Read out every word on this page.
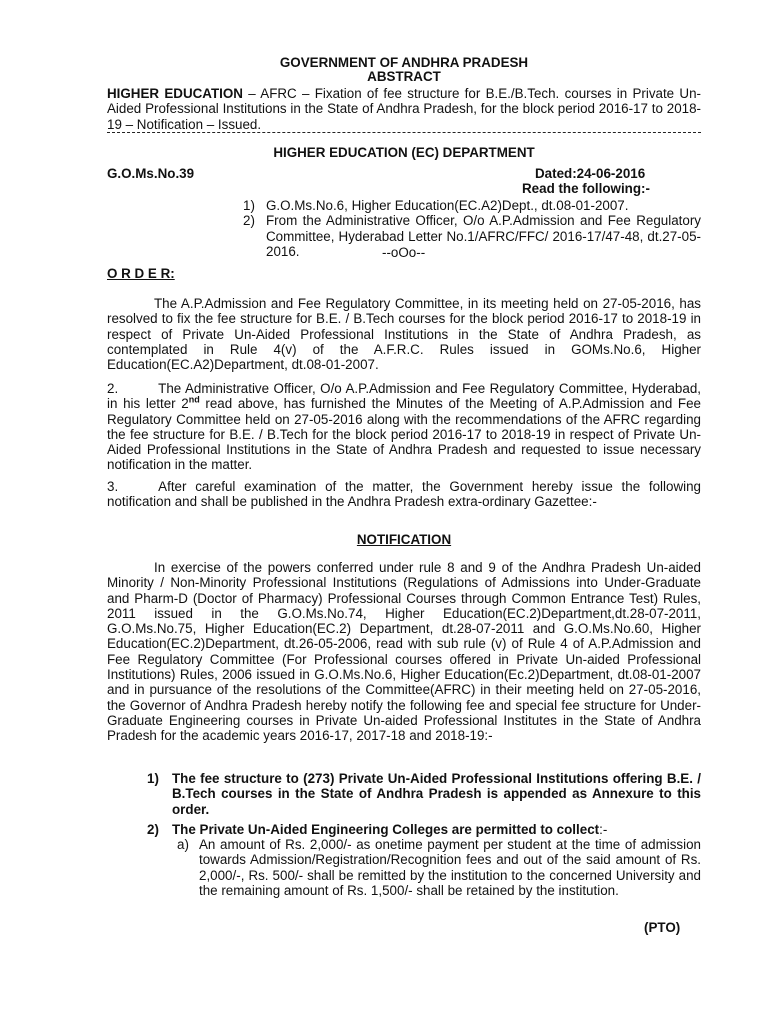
GOVERNMENT OF ANDHRA PRADESH
ABSTRACT
HIGHER EDUCATION – AFRC – Fixation of fee structure for B.E./B.Tech. courses in Private Un-Aided Professional Institutions in the State of Andhra Pradesh, for the block period 2016-17 to 2018-19 – Notification – Issued.
HIGHER EDUCATION (EC) DEPARTMENT
G.O.Ms.No.39	Dated:24-06-2016
Read the following:-
1) G.O.Ms.No.6, Higher Education(EC.A2)Dept., dt.08-01-2007.
2) From the Administrative Officer, O/o A.P.Admission and Fee Regulatory Committee, Hyderabad Letter No.1/AFRC/FFC/ 2016-17/47-48, dt.27-05-2016.	--oOo--
O R D E R:

The A.P.Admission and Fee Regulatory Committee, in its meeting held on 27-05-2016, has resolved to fix the fee structure for B.E. / B.Tech courses for the block period 2016-17 to 2018-19 in respect of Private Un-Aided Professional Institutions in the State of Andhra Pradesh, as contemplated in Rule 4(v) of the A.F.R.C. Rules issued in GOMs.No.6, Higher Education(EC.A2)Department, dt.08-01-2007.

2.	The Administrative Officer, O/o A.P.Admission and Fee Regulatory Committee, Hyderabad, in his letter 2nd read above, has furnished the Minutes of the Meeting of A.P.Admission and Fee Regulatory Committee held on 27-05-2016 along with the recommendations of the AFRC regarding the fee structure for B.E. / B.Tech for the block period 2016-17 to 2018-19 in respect of Private Un-Aided Professional Institutions in the State of Andhra Pradesh and requested to issue necessary notification in the matter.

3.	After careful examination of the matter, the Government hereby issue the following notification and shall be published in the Andhra Pradesh extra-ordinary Gazettee:-

NOTIFICATION

In exercise of the powers conferred under rule 8 and 9 of the Andhra Pradesh Un-aided Minority / Non-Minority Professional Institutions (Regulations of Admissions into Under-Graduate and Pharm-D (Doctor of Pharmacy) Professional Courses through Common Entrance Test) Rules, 2011 issued in the G.O.Ms.No.74, Higher Education(EC.2)Department,dt.28-07-2011, G.O.Ms.No.75, Higher Education(EC.2) Department, dt.28-07-2011 and G.O.Ms.No.60, Higher Education(EC.2)Department, dt.26-05-2006, read with sub rule (v) of Rule 4 of A.P.Admission and Fee Regulatory Committee (For Professional courses offered in Private Un-aided Professional Institutions) Rules, 2006 issued in G.O.Ms.No.6, Higher Education(Ec.2)Department, dt.08-01-2007 and in pursuance of the resolutions of the Committee(AFRC) in their meeting held on 27-05-2016, the Governor of Andhra Pradesh hereby notify the following fee and special fee structure for Under-Graduate Engineering courses in Private Un-aided Professional Institutes in the State of Andhra Pradesh for the academic years 2016-17, 2017-18 and 2018-19:-

1) The fee structure to (273) Private Un-Aided Professional Institutions offering B.E. / B.Tech courses in the State of Andhra Pradesh is appended as Annexure to this order.
2) The Private Un-Aided Engineering Colleges are permitted to collect:-
a) An amount of Rs. 2,000/- as onetime payment per student at the time of admission towards Admission/Registration/Recognition fees and out of the said amount of Rs. 2,000/-, Rs. 500/- shall be remitted by the institution to the concerned University and the remaining amount of Rs. 1,500/- shall be retained by the institution.
(PTO)
